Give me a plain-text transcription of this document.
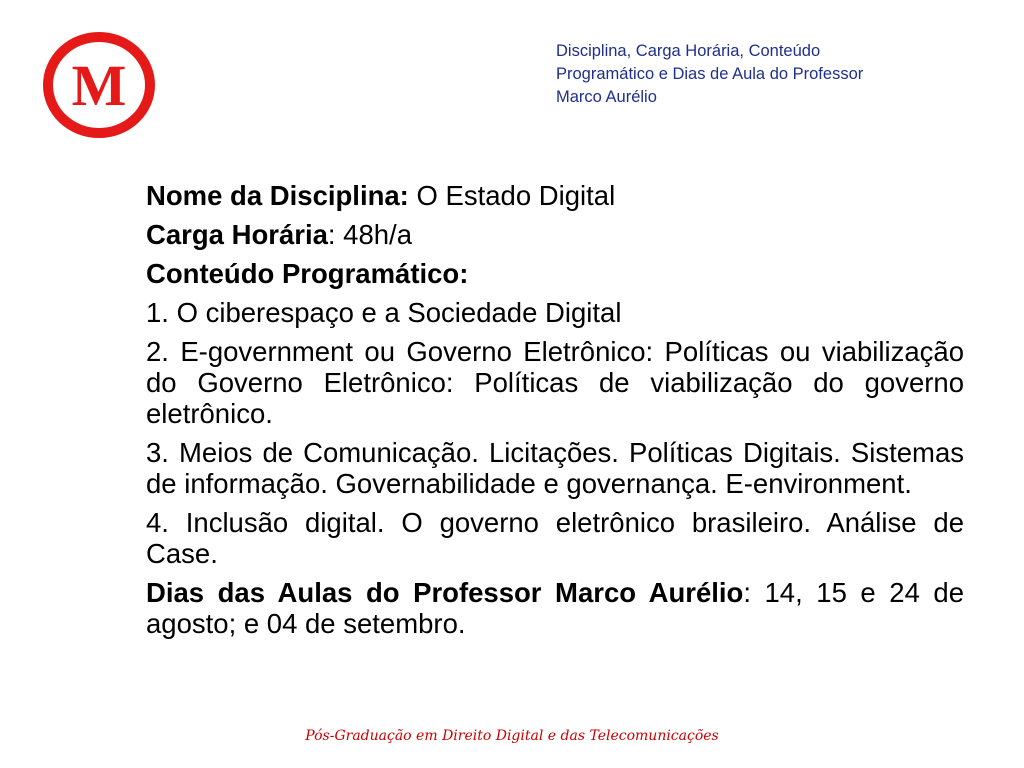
M
Disciplina, Carga Horária, Conteúdo
Programático e Dias de Aula do Professor
Marco Aurélio

Nome da Disciplina: O Estado Digital

Carga Horária: 48h/a

Conteúdo Programático:

1. O ciberespaço e a Sociedade Digital

2. E-government ou Governo Eletrônico: Políticas ou viabilização do Governo Eletrônico: Políticas de viabilização do governo eletrônico.

3. Meios de Comunicação. Licitações. Políticas Digitais. Sistemas de informação. Governabilidade e governança. E-environment.

4. Inclusão digital. O governo eletrônico brasileiro. Análise de Case.

Dias das Aulas do Professor Marco Aurélio: 14, 15 e 24 de agosto; e 04 de setembro.

Pós-Graduação em Direito Digital e das Telecomunicações
